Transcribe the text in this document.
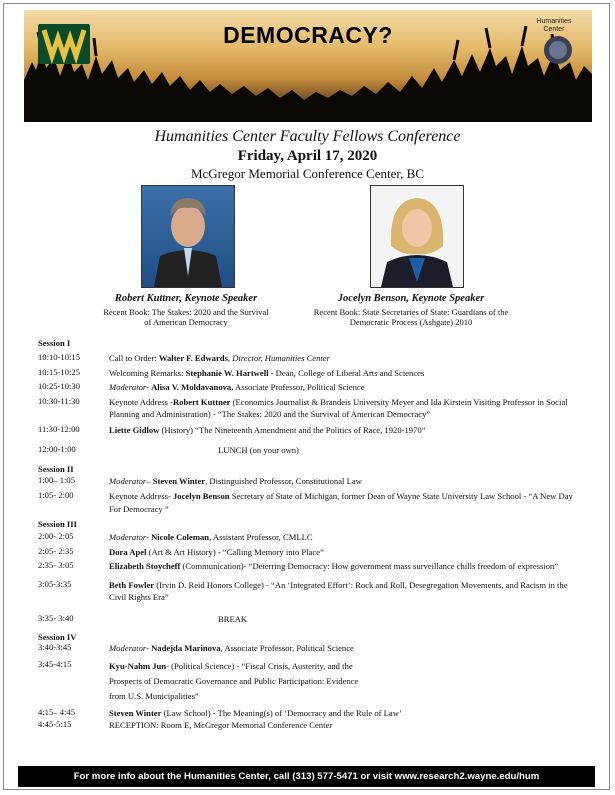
Humanities Center
DEMOCRACY?
Humanities Center Faculty Fellows Conference
Friday, April 17, 2020
McGregor Memorial Conference Center, BC
Robert Kuttner, Keynote Speaker
Recent Book: The Stakes: 2020 and the Survival
of American Democracy
Jocelyn Benson, Keynote Speaker
Recent Book: State Secretaries of State: Guardians of the
Democratic Process (Ashgate) 2010
Session I
10:10-10:15	Call to Order: Walter F. Edwards, Director, Humanities Center
10:15-10:25	Welcoming Remarks: Stephanie W. Hartwell - Dean, College of Liberal Arts and Sciences
10:25-10:30	Moderator- Alisa V. Moldavanova, Associate Professor, Political Science
10:30-11:30	Keynote Address -Robert Kuttner (Economics Journalist & Brandeis University Meyer and Ida Kirstein Visiting Professor in Social Planning and Administration) - “The Stakes: 2020 and the Survival of American Democracy”
11:30-12:00	Liette Gidlow (History) “The Nineteenth Amendment and the Politics of Race, 1920-1970”
12:00-1:00	LUNCH (on your own)
Session II
1:00– 1:05	Moderator– Steven Winter, Distinguished Professor, Constitutional Law
1:05- 2:00	Keynote Address- Jocelyn Benson Secretary of State of Michigan, former Dean of Wayne State University Law School - “A New Day For Democracy ”
Session III
2:00- 2:05	Moderator- Nicole Coleman, Assistant Professor, CMLLC
2:05- 2:35	Dora Apel (Art & Art History) - “Calling Memory into Place”
2:35- 3:05	Elizabeth Stoycheff (Communication)- “Deterring Democracy: How government mass surveillance chills freedom of expression”
3:05-3:35	Beth Fowler (Irvin D. Reid Honors College) - “An ‘Integrated Effort’: Rock and Roll, Desegregation Movements, and Racism in the Civil Rights Era”
3:35- 3:40	BREAK
Session IV
3:40-3:45	Moderator- Nadejda Marinova, Associate Professor, Political Science
3:45-4:15	Kyu-Nahm Jun- (Political Science) - “Fiscal Crisis, Austerity, and the
Prospects of Democratic Governance and Public Participation: Evidence
from U.S. Municipalities”
4:15– 4:45	Steven Winter (Law School) - The Meaning(s) of ‘Democracy and the Rule of Law’
4:45-5:15	RECEPTION: Room E, McGregor Memorial Conference Center
For more info about the Humanities Center, call (313) 577-5471 or visit www.research2.wayne.edu/hum
